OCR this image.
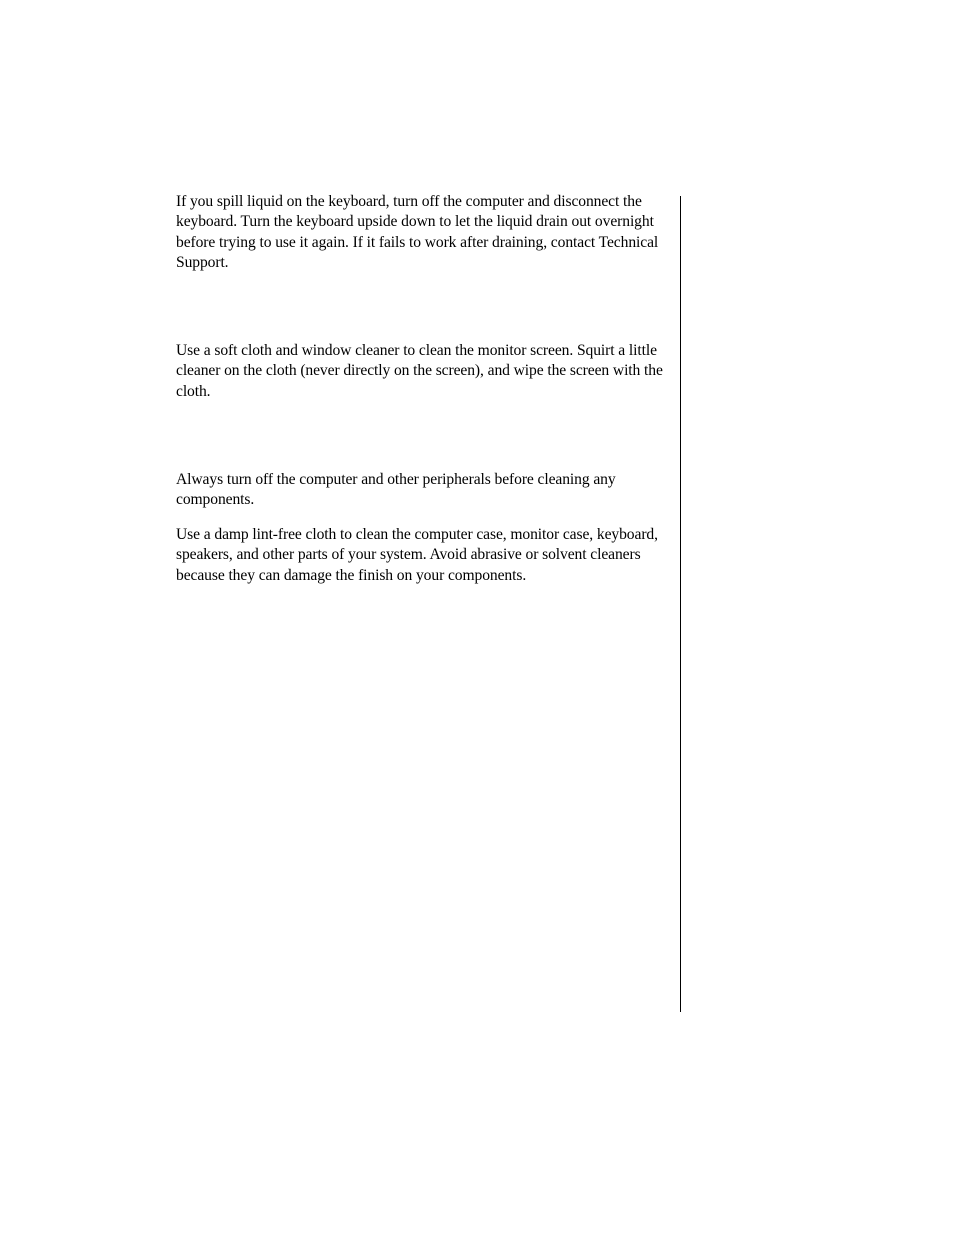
If you spill liquid on the keyboard, turn off the computer and disconnect the keyboard. Turn the keyboard upside down to let the liquid drain out overnight before trying to use it again. If it fails to work after draining, contact Technical Support.

Use a soft cloth and window cleaner to clean the monitor screen. Squirt a little cleaner on the cloth (never directly on the screen), and wipe the screen with the cloth.

Always turn off the computer and other peripherals before cleaning any components.

Use a damp lint-free cloth to clean the computer case, monitor case, keyboard, speakers, and other parts of your system. Avoid abrasive or solvent cleaners because they can damage the finish on your components.
